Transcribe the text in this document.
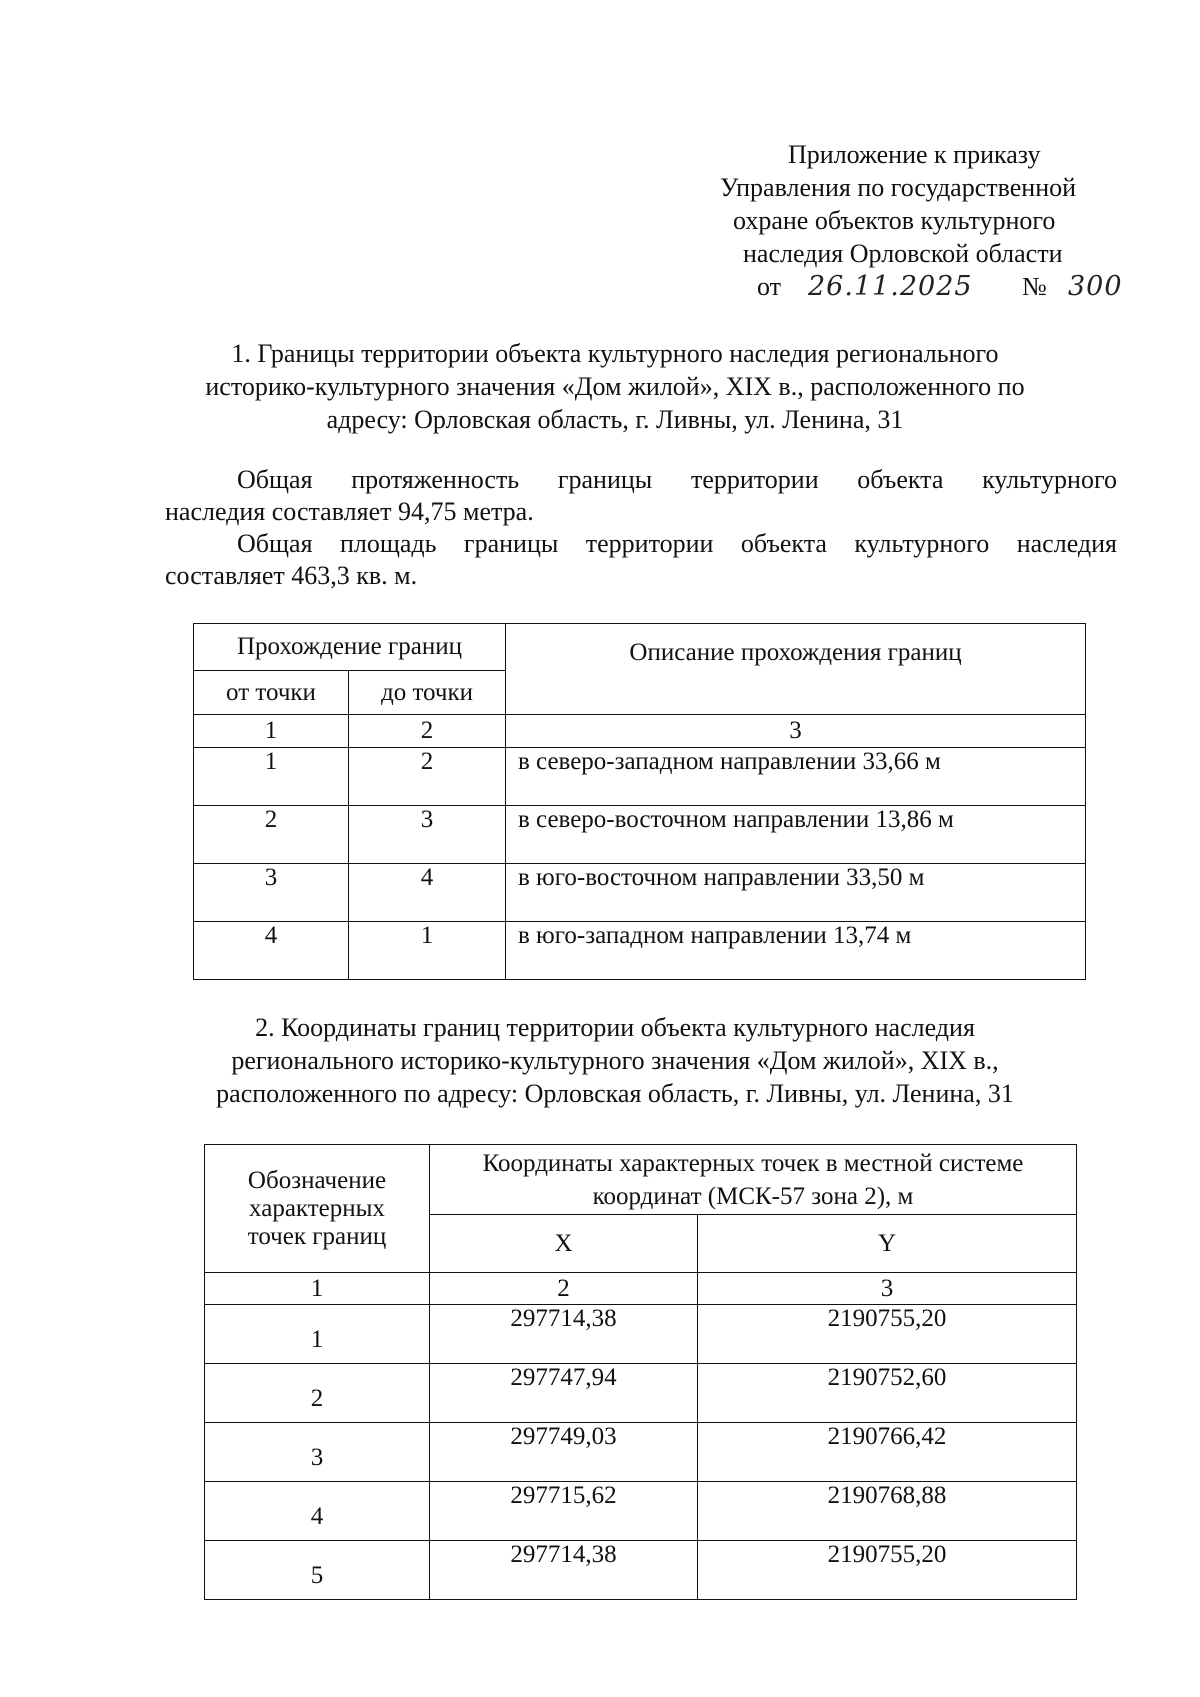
Приложение к приказу
Управления по государственной
охране объектов культурного
наследия Орловской области
от 26.11.2025 № 300
1. Границы территории объекта культурного наследия регионального
историко-культурного значения «Дом жилой», XIX в., расположенного по
адресу: Орловская область, г. Ливны, ул. Ленина, 31
Общая протяженность границы территории объекта культурного
наследия составляет 94,75 метра.
Общая площадь границы территории объекта культурного наследия
составляет 463,3 кв. м.
Прохождение границ		Описание прохождения границ
от точки	до точки	
1	2	3
1	2	в северо-западном направлении 33,66 м
2	3	в северо-восточном направлении 13,86 м
3	4	в юго-восточном направлении 33,50 м
4	1	в юго-западном направлении 13,74 м
2. Координаты границ территории объекта культурного наследия
регионального историко-культурного значения «Дом жилой», XIX в.,
расположенного по адресу: Орловская область, г. Ливны, ул. Ленина, 31
Обозначение характерных точек границ	Координаты характерных точек в местной системе координат (МСК-57 зона 2), м	
	X	Y
1	2	3
1	297714,38	2190755,20
2	297747,94	2190752,60
3	297749,03	2190766,42
4	297715,62	2190768,88
5	297714,38	2190755,20
